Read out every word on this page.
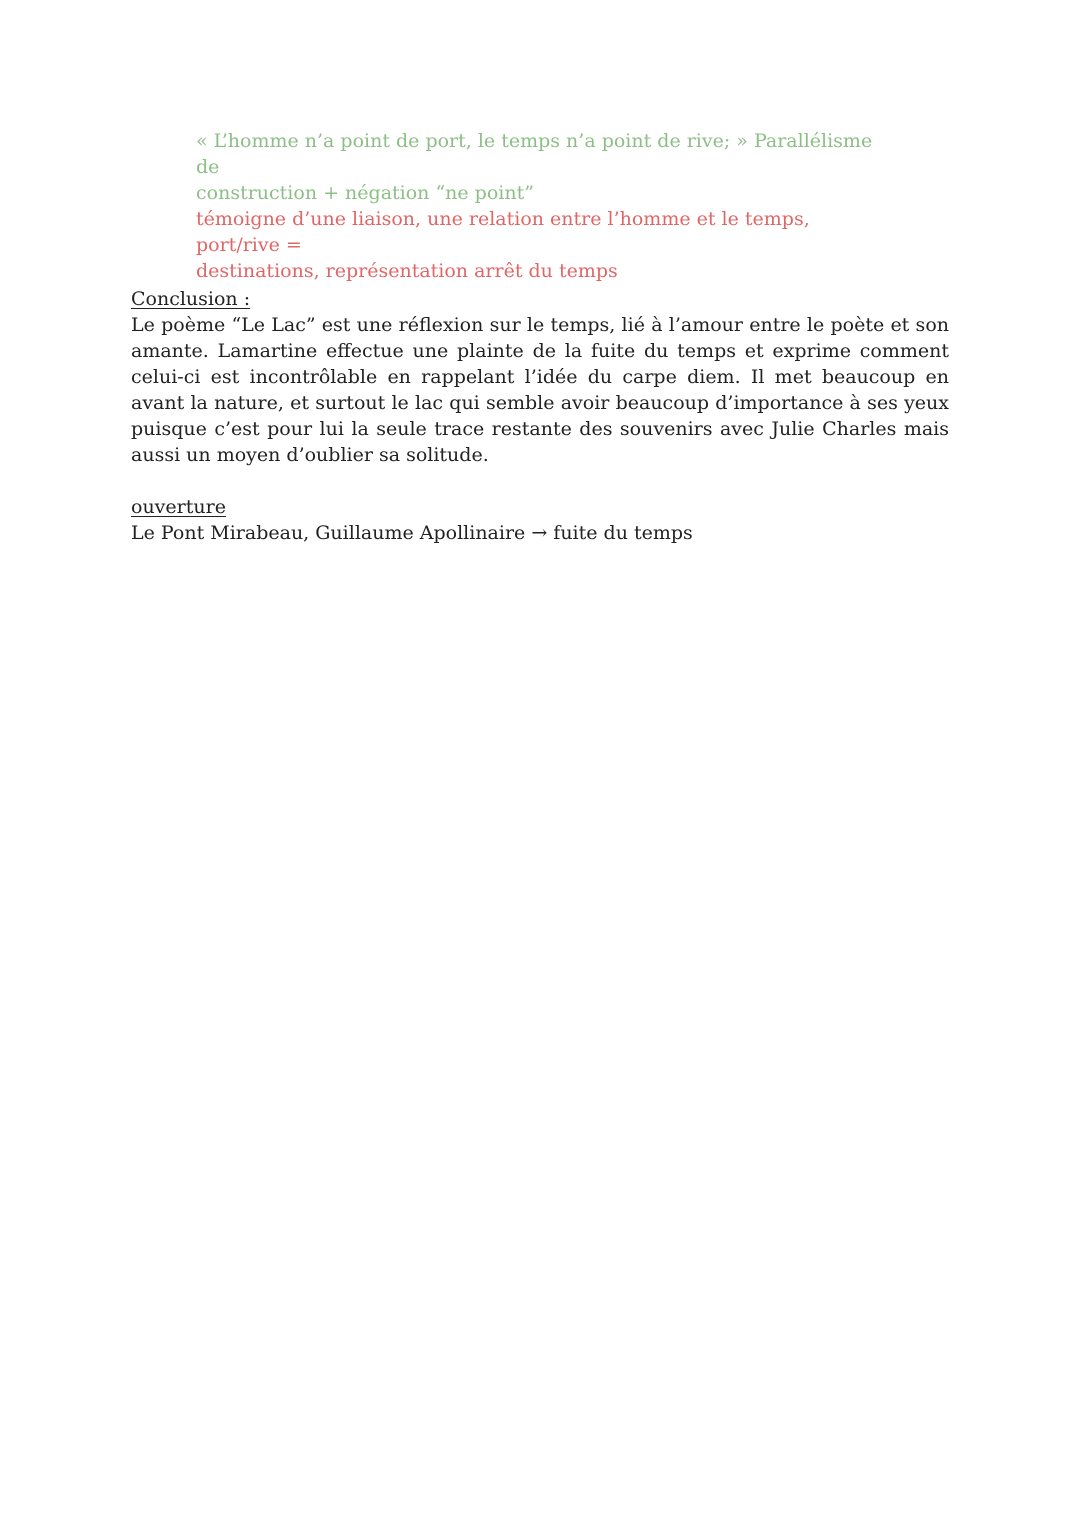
« L’homme n’a point de port, le temps n’a point de rive; » Parallélisme de

construction + négation “ne point”

témoigne d’une liaison, une relation entre l’homme et le temps, port/rive =

destinations, représentation arrêt du temps

Conclusion :

Le poème “Le Lac” est une réflexion sur le temps, lié à l’amour entre le poète et son amante. Lamartine effectue une plainte de la fuite du temps et exprime comment celui-ci est incontrôlable en rappelant l’idée du carpe diem. Il met beaucoup en avant la nature, et surtout le lac qui semble avoir beaucoup d’importance à ses yeux puisque c’est pour lui la seule trace restante des souvenirs avec Julie Charles mais aussi un moyen d’oublier sa solitude.

ouverture

Le Pont Mirabeau, Guillaume Apollinaire → fuite du temps
